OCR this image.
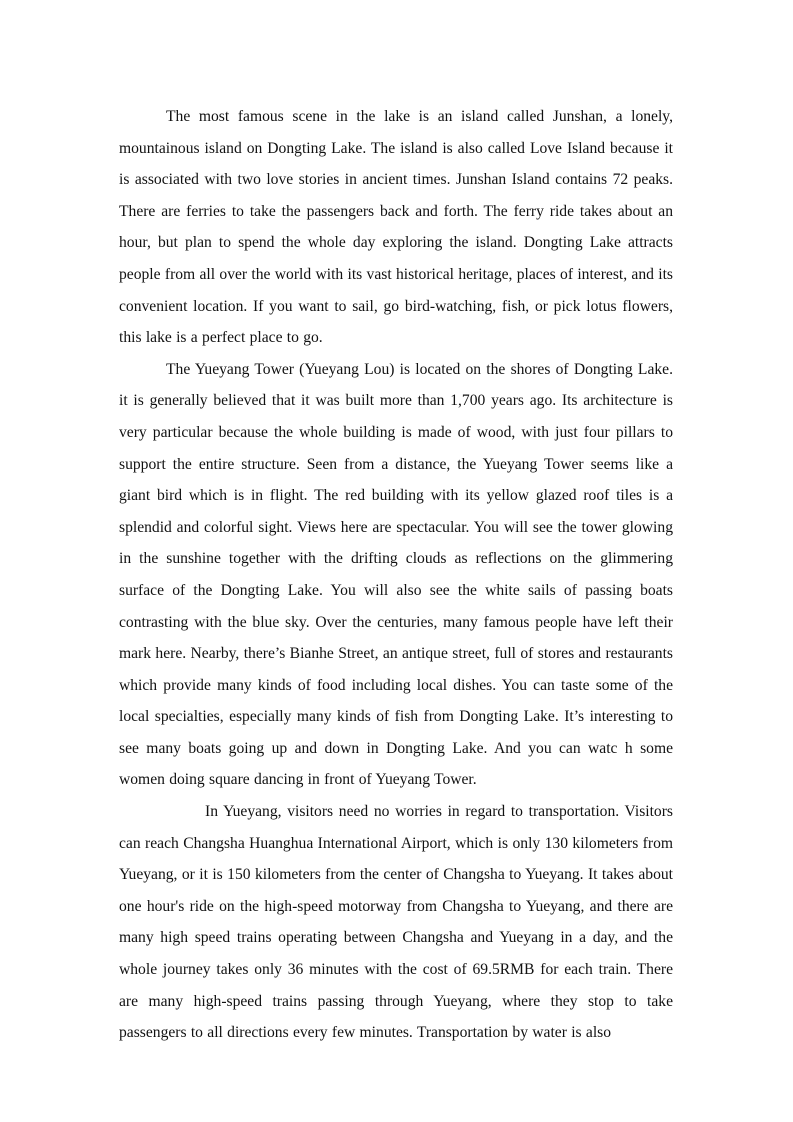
The most famous scene in the lake is an island called Junshan, a lonely, mountainous island on Dongting Lake. The island is also called Love Island because it is associated with two love stories in ancient times. Junshan Island contains 72 peaks. There are ferries to take the passengers back and forth. The ferry ride takes about an hour, but plan to spend the whole day exploring the island. Dongting Lake attracts people from all over the world with its vast historical heritage, places of interest, and its convenient location. If you want to sail, go bird-watching, fish, or pick lotus flowers, this lake is a perfect place to go.

The Yueyang Tower (Yueyang Lou) is located on the shores of Dongting Lake. it is generally believed that it was built more than 1,700 years ago. Its architecture is very particular because the whole building is made of wood, with just four pillars to support the entire structure. Seen from a distance, the Yueyang Tower seems like a giant bird which is in flight. The red building with its yellow glazed roof tiles is a splendid and colorful sight. Views here are spectacular. You will see the tower glowing in the sunshine together with the drifting clouds as reflections on the glimmering surface of the Dongting Lake. You will also see the white sails of passing boats contrasting with the blue sky. Over the centuries, many famous people have left their mark here. Nearby, there’s Bianhe Street, an antique street, full of stores and restaurants which provide many kinds of food including local dishes. You can taste some of the local specialties, especially many kinds of fish from Dongting Lake. It’s interesting to see many boats going up and down in Dongting Lake. And you can watc h some women doing square dancing in front of Yueyang Tower.

In Yueyang, visitors need no worries in regard to transportation. Visitors can reach Changsha Huanghua International Airport, which is only 130 kilometers from Yueyang, or it is 150 kilometers from the center of Changsha to Yueyang. It takes about one hour's ride on the high-speed motorway from Changsha to Yueyang, and there are many high speed trains operating between Changsha and Yueyang in a day, and the whole journey takes only 36 minutes with the cost of 69.5RMB for each train. There are many high-speed trains passing through Yueyang, where they stop to take passengers to all directions every few minutes. Transportation by water is also
